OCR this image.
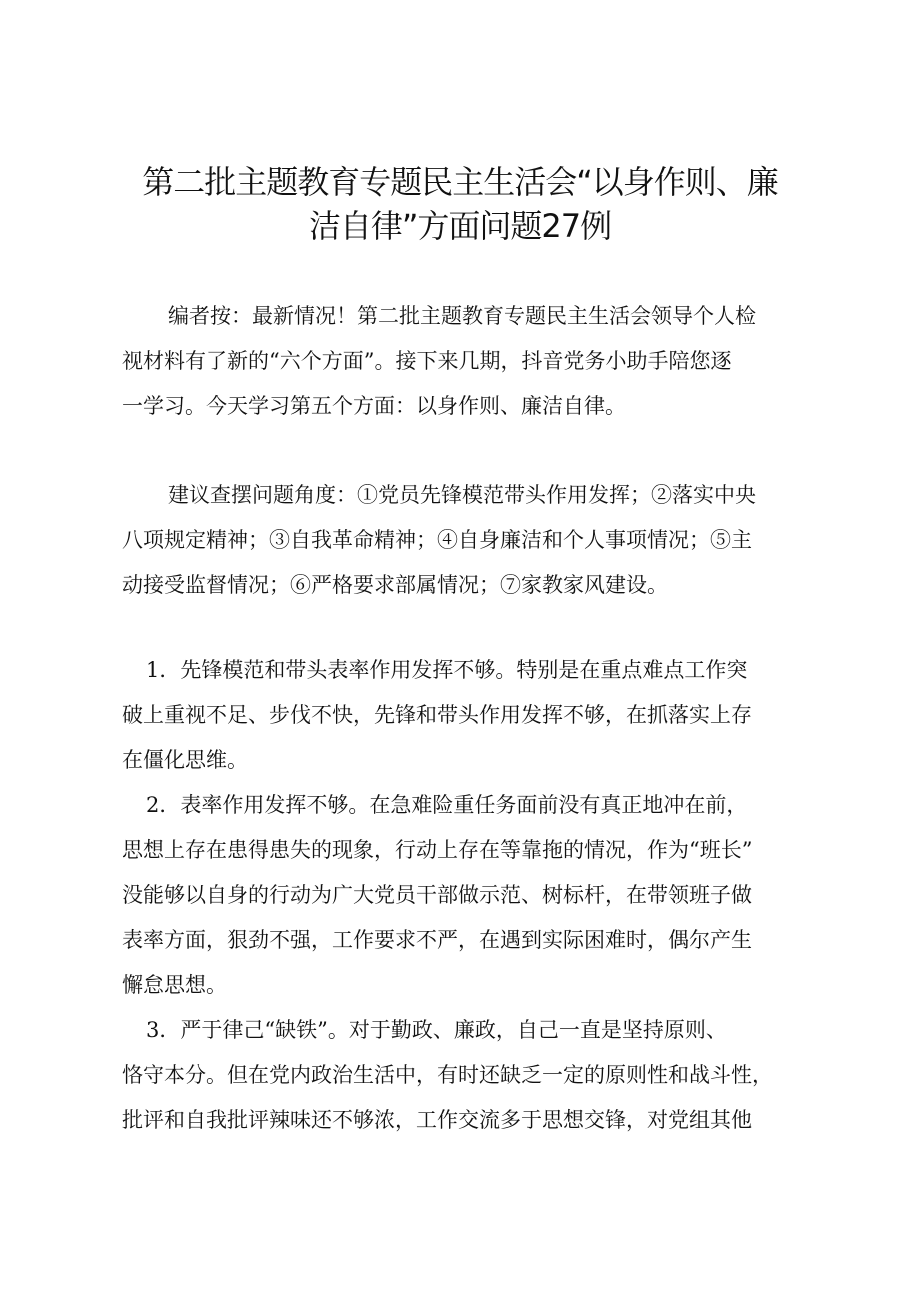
第二批主题教育专题民主生活会“以身作则、廉
洁自律”方面问题27例
编者按：最新情况！第二批主题教育专题民主生活会领导个人检
视材料有了新的“六个方面”。接下来几期，抖音党务小助手陪您逐
一学习。今天学习第五个方面：以身作则、廉洁自律。
建议查摆问题角度：①党员先锋模范带头作用发挥；②落实中央
八项规定精神；③自我革命精神；④自身廉洁和个人事项情况；⑤主
动接受监督情况；⑥严格要求部属情况；⑦家教家风建设。
1．先锋模范和带头表率作用发挥不够。特别是在重点难点工作突
破上重视不足、步伐不快，先锋和带头作用发挥不够，在抓落实上存
在僵化思维。
2．表率作用发挥不够。在急难险重任务面前没有真正地冲在前，
思想上存在患得患失的现象，行动上存在等靠拖的情况，作为“班长”
没能够以自身的行动为广大党员干部做示范、树标杆，在带领班子做
表率方面，狠劲不强，工作要求不严，在遇到实际困难时，偶尔产生
懈怠思想。
3．严于律己“缺铁”。对于勤政、廉政，自己一直是坚持原则、
恪守本分。但在党内政治生活中，有时还缺乏一定的原则性和战斗性，
批评和自我批评辣味还不够浓，工作交流多于思想交锋，对党组其他
